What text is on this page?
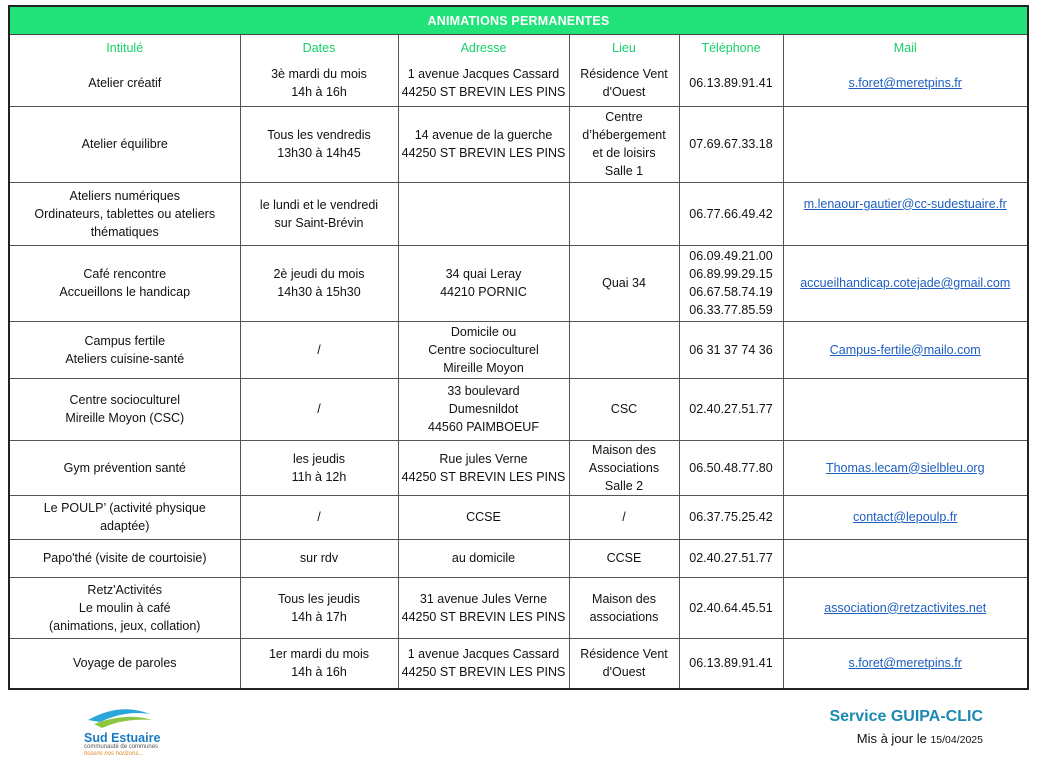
ANIMATIONS PERMANENTES
Intitulé	Dates	Adresse	Lieu	Téléphone	Mail

Atelier créatif	3è mardi du mois
14h à 16h	1 avenue Jacques Cassard
44250 ST BREVIN LES PINS	Résidence Vent
d'Ouest	06.13.89.91.41	s.foret@meretpins.fr

Atelier équilibre	Tous les vendredis
13h30 à 14h45	14 avenue de la guerche
44250 ST BREVIN LES PINS	Centre
d’hébergement
et de loisirs
Salle 1	07.69.67.33.18	

Ateliers numériques
Ordinateurs, tablettes ou ateliers
thématiques	le lundi et le vendredi
sur Saint-Brévin			06.77.66.49.42	m.lenaour-gautier@cc-sudestuaire.fr

Café rencontre
Accueillons le handicap	2è jeudi du mois
14h30 à 15h30	34 quai Leray
44210 PORNIC	Quai 34	06.09.49.21.00
06.89.99.29.15
06.67.58.74.19
06.33.77.85.59	accueilhandicap.cotejade@gmail.com

Campus fertile
Ateliers cuisine-santé	/	Domicile ou
Centre socioculturel
Mireille Moyon		06 31 37 74 36	Campus-fertile@mailo.com

Centre socioculturel
Mireille Moyon (CSC)	/	33 boulevard
Dumesnildot
44560 PAIMBOEUF	CSC	02.40.27.51.77	

Gym prévention santé	les jeudis
11h à 12h	Rue jules Verne
44250 ST BREVIN LES PINS	Maison des
Associations
Salle 2	06.50.48.77.80	Thomas.lecam@sielbleu.org

Le POULP’ (activité physique
adaptée)	/	CCSE	/	06.37.75.25.42	contact@lepoulp.fr

Papo'thé (visite de courtoisie)	sur rdv	au domicile	CCSE	02.40.27.51.77	

Retz'Activités
Le moulin à café
(animations, jeux, collation)	Tous les jeudis
14h à 17h	31 avenue Jules Verne
44250 ST BREVIN LES PINS	Maison des
associations	02.40.64.45.51	association@retzactivites.net

Voyage de paroles	1er mardi du mois
14h à 16h	1 avenue Jacques Cassard
44250 ST BREVIN LES PINS	Résidence Vent
d'Ouest	06.13.89.91.41	s.foret@meretpins.fr
Sud Estuaire
communauté de communes
tissons nos horizons...
Service GUIPA-CLIC
Mis à jour le 15/04/2025
